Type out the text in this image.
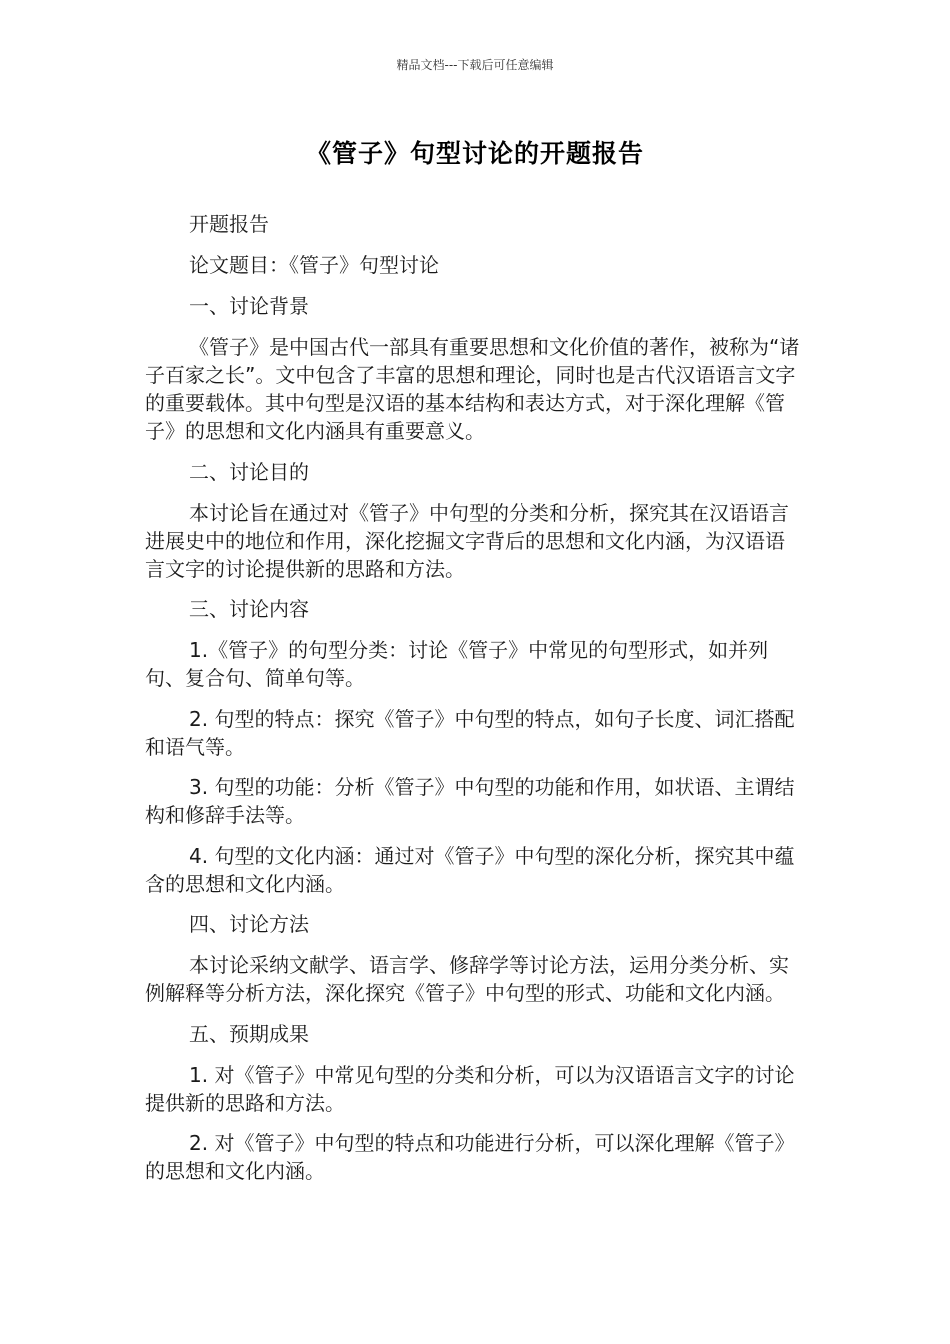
精品文档---下载后可任意编辑
《管子》句型讨论的开题报告

开题报告

论文题目：《管子》句型讨论

一、讨论背景

《管子》是中国古代一部具有重要思想和文化价值的著作，被称为“诸子百家之长”。文中包含了丰富的思想和理论，同时也是古代汉语语言文字的重要载体。其中句型是汉语的基本结构和表达方式，对于深化理解《管子》的思想和文化内涵具有重要意义。

二、讨论目的

本讨论旨在通过对《管子》中句型的分类和分析，探究其在汉语语言进展史中的地位和作用，深化挖掘文字背后的思想和文化内涵，为汉语语言文字的讨论提供新的思路和方法。

三、讨论内容

1.《管子》的句型分类：讨论《管子》中常见的句型形式，如并列句、复合句、简单句等。

2. 句型的特点：探究《管子》中句型的特点，如句子长度、词汇搭配和语气等。

3. 句型的功能：分析《管子》中句型的功能和作用，如状语、主谓结构和修辞手法等。

4. 句型的文化内涵：通过对《管子》中句型的深化分析，探究其中蕴含的思想和文化内涵。

四、讨论方法

本讨论采纳文献学、语言学、修辞学等讨论方法，运用分类分析、实例解释等分析方法，深化探究《管子》中句型的形式、功能和文化内涵。

五、预期成果

1. 对《管子》中常见句型的分类和分析，可以为汉语语言文字的讨论提供新的思路和方法。

2. 对《管子》中句型的特点和功能进行分析，可以深化理解《管子》的思想和文化内涵。
